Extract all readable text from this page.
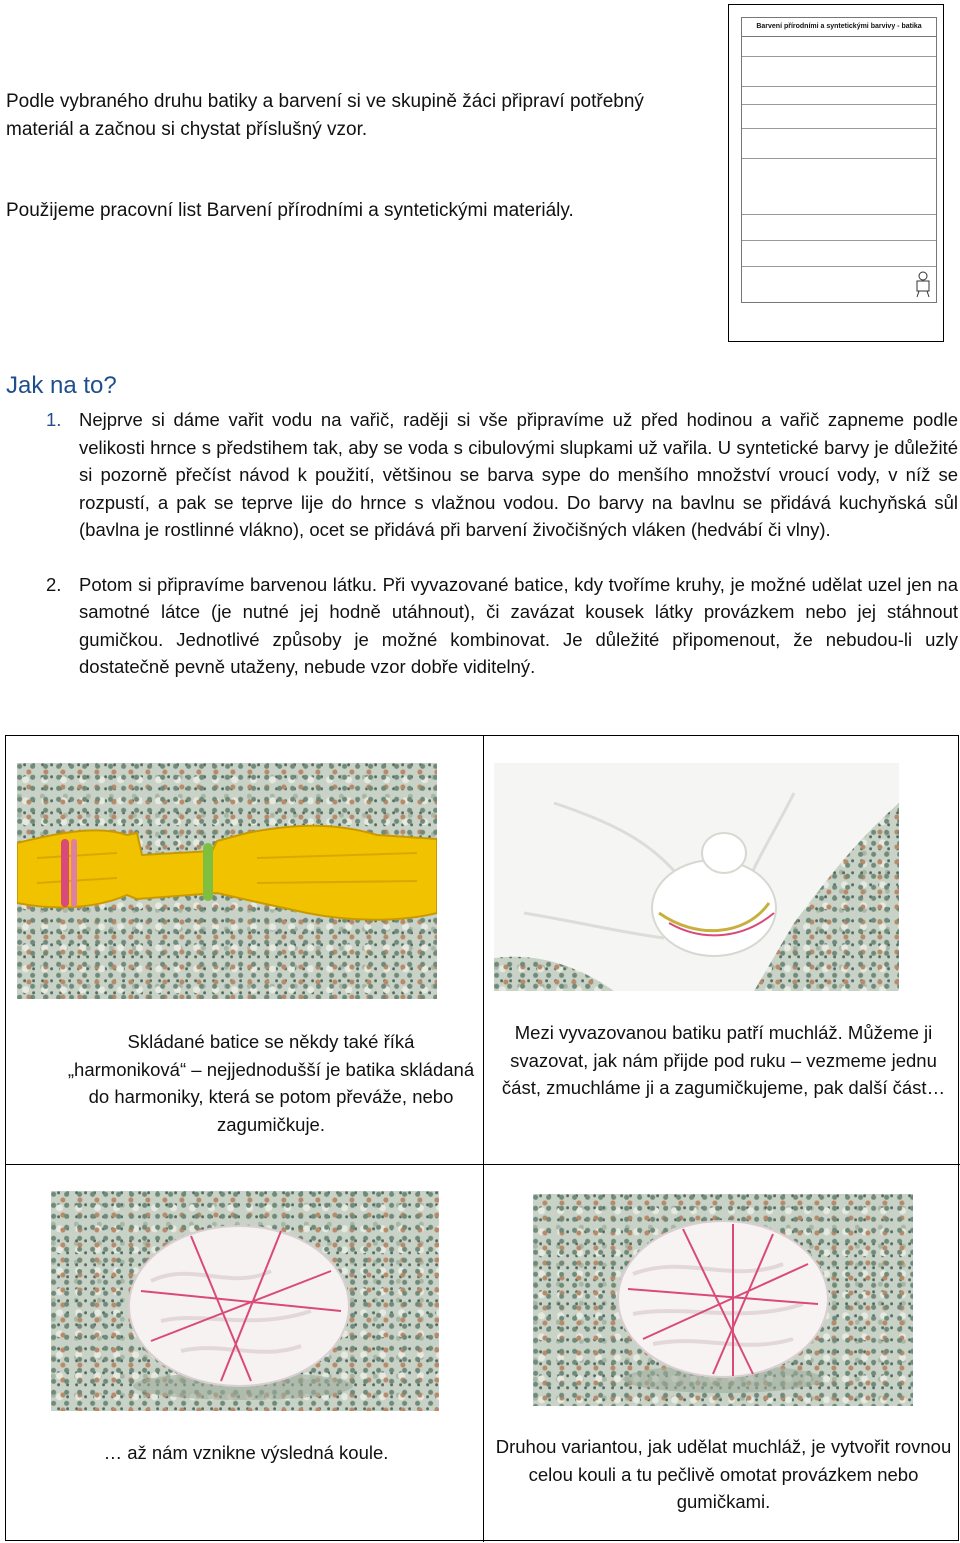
Podle vybraného druhu batiky a barvení si ve skupině žáci připraví potřebný materiál a začnou si chystat příslušný vzor.
Použijeme pracovní list Barvení přírodními a syntetickými materiály.
Barvení přírodními a syntetickými barvivy - batika
Jak na to?
1. Nejprve si dáme vařit vodu na vařič, raději si vše připravíme už před hodinou a vařič zapneme podle velikosti hrnce s předstihem tak, aby se voda s cibulovými slupkami už vařila. U syntetické barvy je důležité si pozorně přečíst návod k použití, většinou se barva sype do menšího množství vroucí vody, v níž se rozpustí, a pak se teprve lije do hrnce s vlažnou vodou. Do barvy na bavlnu se přidává kuchyňská sůl (bavlna je rostlinné vlákno), ocet se přidává při barvení živočišných vláken (hedvábí či vlny).
2. Potom si připravíme barvenou látku. Při vyvazované batice, kdy tvoříme kruhy, je možné udělat uzel jen na samotné látce (je nutné jej hodně utáhnout), či zavázat kousek látky provázkem nebo jej stáhnout gumičkou. Jednotlivé způsoby je možné kombinovat. Je důležité připomenout, že nebudou-li uzly dostatečně pevně utaženy, nebude vzor dobře viditelný.
Skládané batice se někdy také říká „harmoniková“ – nejjednodušší je batika skládaná do harmoniky, která se potom převáže, nebo zagumičkuje.
Mezi vyvazovanou batiku patří muchláž. Můžeme ji svazovat, jak nám přijde pod ruku – vezmeme jednu část, zmuchláme ji a zagumičkujeme, pak další část…
… až nám vznikne výsledná koule.	Druhou variantou, jak udělat muchláž, je vytvořit rovnou celou kouli a tu pečlivě omotat provázkem nebo gumičkami.
